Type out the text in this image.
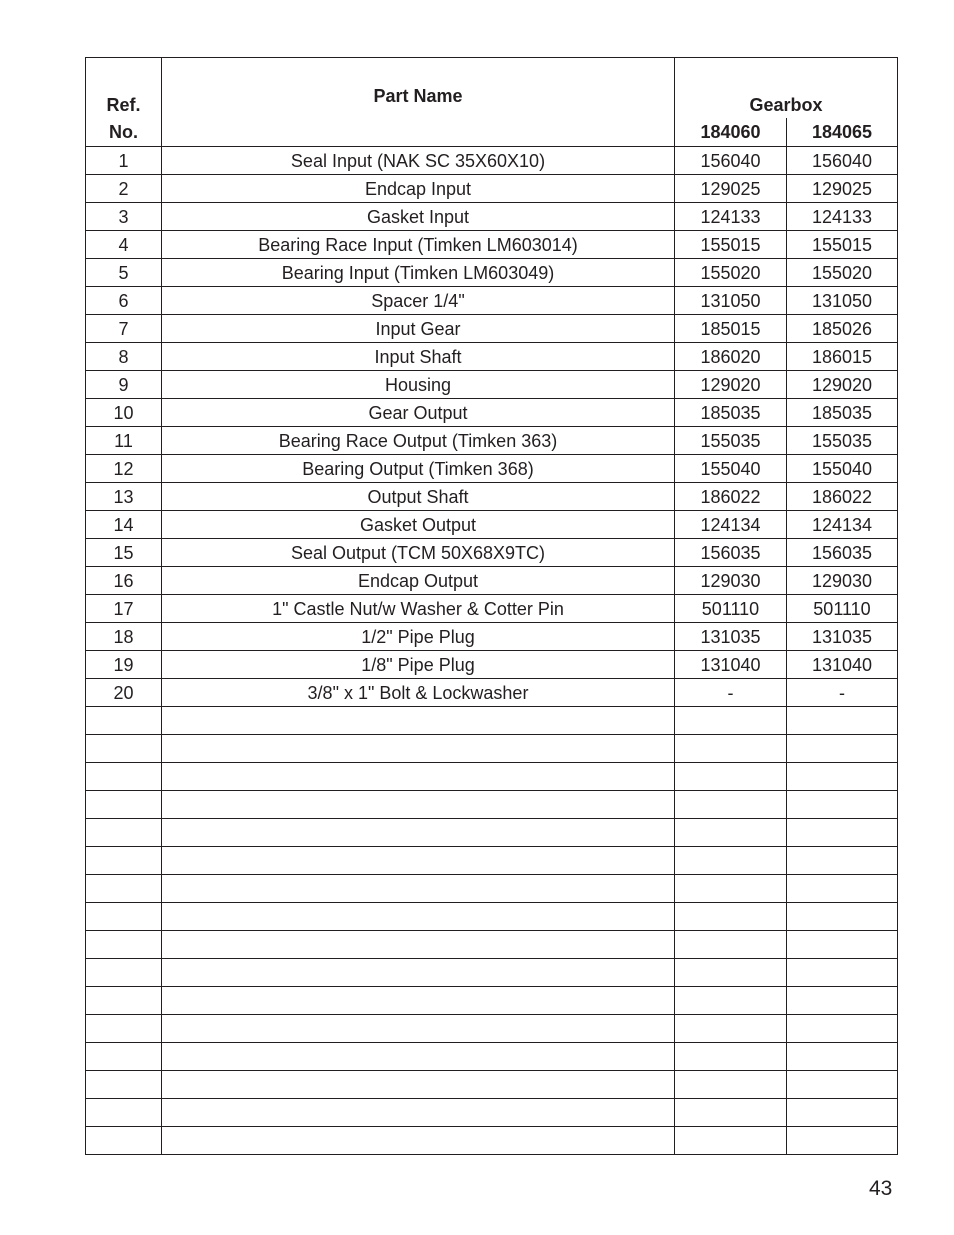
Ref.	Part Name	Gearbox	
No.		184060	184065
1	Seal Input (NAK SC 35X60X10)	156040	156040
2	Endcap Input	129025	129025
3	Gasket Input	124133	124133
4	Bearing Race Input (Timken LM603014)	155015	155015
5	Bearing Input (Timken LM603049)	155020	155020
6	Spacer 1/4"	131050	131050
7	Input Gear	185015	185026
8	Input Shaft	186020	186015
9	Housing	129020	129020
10	Gear Output	185035	185035
11	Bearing Race Output (Timken 363)	155035	155035
12	Bearing Output (Timken 368)	155040	155040
13	Output Shaft	186022	186022
14	Gasket Output	124134	124134
15	Seal Output (TCM 50X68X9TC)	156035	156035
16	Endcap Output	129030	129030
17	1" Castle Nut/w Washer & Cotter Pin	501110	501110
18	1/2" Pipe Plug	131035	131035
19	1/8" Pipe Plug	131040	131040
20	3/8" x 1" Bolt & Lockwasher	-	-

43
